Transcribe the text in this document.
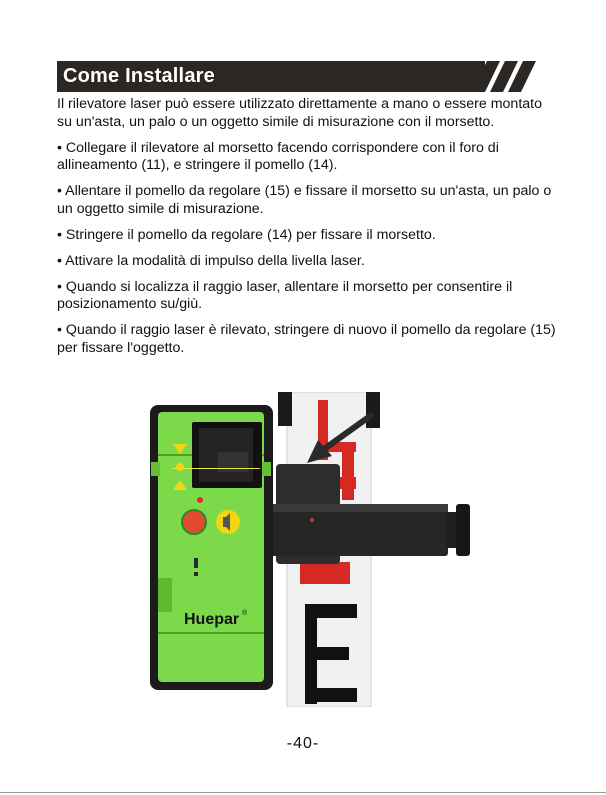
Come Installare

Il rilevatore laser può essere utilizzato direttamente a mano o essere montato su un'asta, un palo o un oggetto simile di misurazione con il morsetto.

• Collegare il rilevatore al morsetto facendo corrispondere con il foro di allineamento (11), e stringere il pomello (14).

• Allentare il pomello da regolare (15) e fissare il morsetto su un'asta, un palo o un oggetto simile di misurazione.

• Stringere il pomello da regolare (14) per fissare il morsetto.

• Attivare la modalità di impulso della livella laser.

• Quando si localizza il raggio laser, allentare il morsetto per consentire il posizionamento su/giù.

• Quando il raggio laser è rilevato, stringere di nuovo il pomello da regolare (15) per fissare l'oggetto.

Huepar ®
-40-
